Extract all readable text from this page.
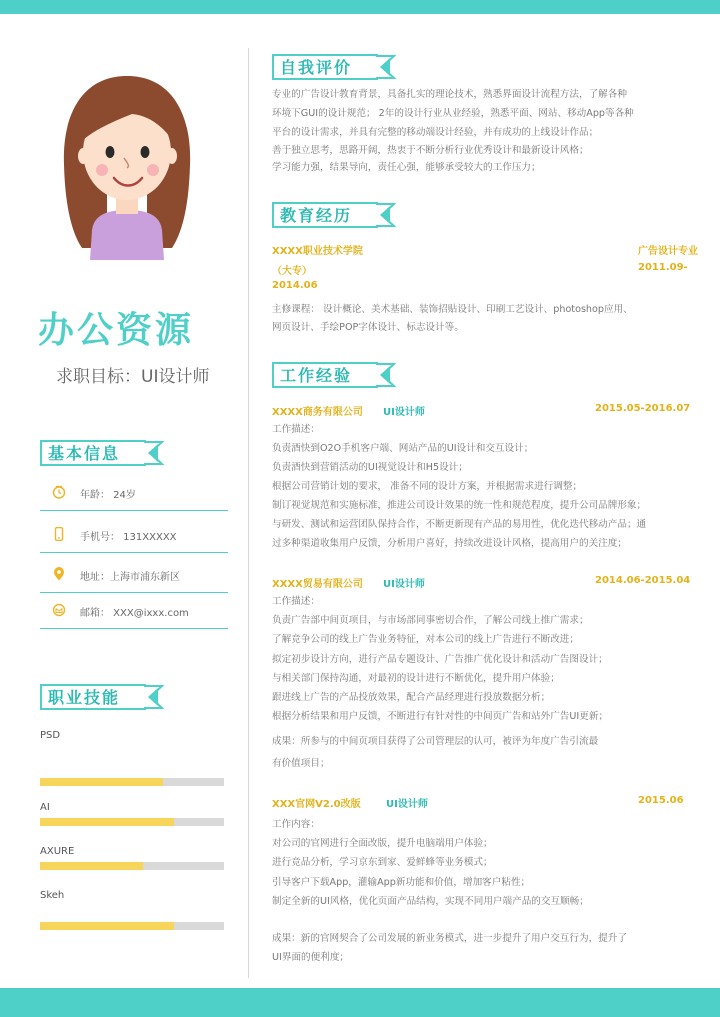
办公资源
求职目标：UI设计师
基本信息
年龄： 24岁
手机号： 131XXXXX
地址：上海市浦东新区
邮箱： XXX@ixxx.com
职业技能
PSD
AI
AXURE
Skeh
自我评价
专业的广告设计教育背景，具备扎实的理论技术，熟悉界面设计流程方法，了解各种
环境下GUI的设计规范； 2年的设计行业从业经验，熟悉平面、网站、移动App等各种
平台的设计需求，并具有完整的移动端设计经验，并有成功的上线设计作品；
善于独立思考，思路开阔，热衷于不断分析行业优秀设计和最新设计风格；
学习能力强，结果导向，责任心强，能够承受较大的工作压力；
教育经历
XXXX职业技术学院	广告设计专业
（大专）	2011.09-
2014.06
主修课程： 设计概论、美术基础、装饰招贴设计、印刷工艺设计、photoshop应用、
网页设计、手绘POP字体设计、标志设计等。
工作经验
XXXX商务有限公司 UI设计师	2015.05-2016.07
工作描述：
负责酒快到O2O手机客户端、网站产品的UI设计和交互设计；
负责酒快到营销活动的UI视觉设计和H5设计；
根据公司营销计划的要求， 准备不同的设计方案，并根据需求进行调整；
制订视觉规范和实施标准，推进公司设计效果的统一性和规范程度，提升公司品牌形象；
与研发、测试和运营团队保持合作，不断更新现有产品的易用性，优化迭代移动产品；通
过多种渠道收集用户反馈，分析用户喜好，持续改进设计风格，提高用户的关注度；
XXXX贸易有限公司 UI设计师	2014.06-2015.04
工作描述：
负责广告部中间页项目，与市场部同事密切合作，了解公司线上推广需求；
了解竞争公司的线上广告业务特征，对本公司的线上广告进行不断改进；
拟定初步设计方向，进行产品专题设计、广告推广优化设计和活动广告图设计；
与相关部门保持沟通，对最初的设计进行不断优化，提升用户体验；
跟进线上广告的产品投放效果，配合产品经理进行投放数据分析；
根据分析结果和用户反馈，不断进行有针对性的中间页广告和站外广告UI更新；
成果：所参与的中间页项目获得了公司管理层的认可，被评为年度广告引流最
有价值项目；
XXX官网V2.0改版	UI设计师	2015.06
工作内容：
对公司的官网进行全面改版，提升电脑端用户体验；
进行竞品分析，学习京东到家、爱鲜蜂等业务模式；
引导客户下载App，灌输App新功能和价值，增加客户粘性；
制定全新的UI风格，优化页面产品结构，实现不同用户端产品的交互顺畅；
成果：新的官网契合了公司发展的新业务模式，进一步提升了用户交互行为，提升了
UI界面的便利度；
